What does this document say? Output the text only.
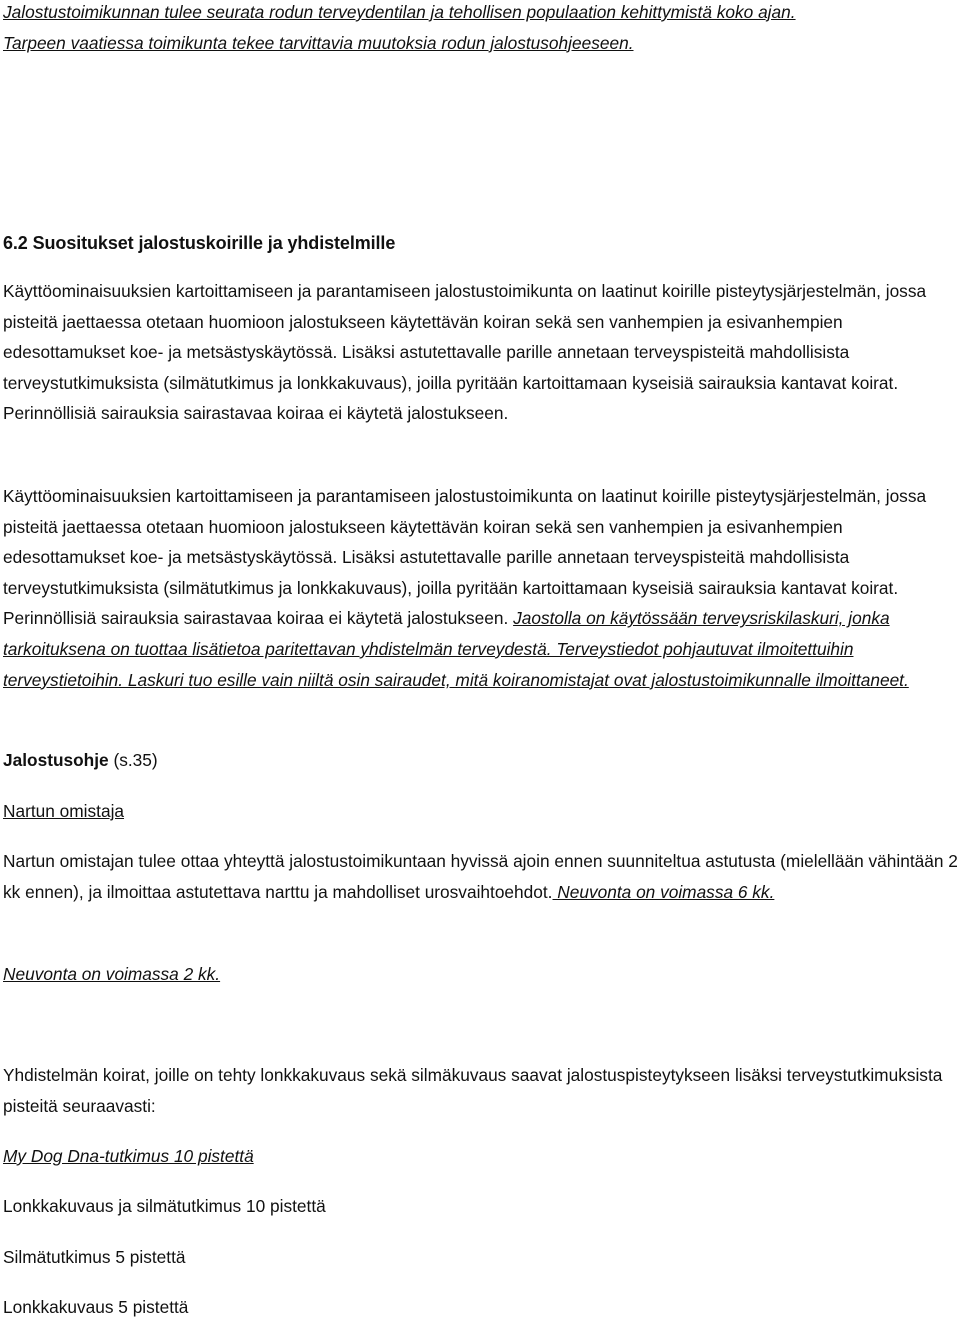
Jalostustoimikunnan tulee seurata rodun terveydentilan ja tehollisen populaation kehittymistä koko ajan.
Tarpeen vaatiessa toimikunta tekee tarvittavia muutoksia rodun jalostusohjeeseen.
6.2 Suositukset jalostuskoirille ja yhdistelmille

Käyttöominaisuuksien kartoittamiseen ja parantamiseen jalostustoimikunta on laatinut koirille pisteytysjärjestelmän, jossa pisteitä jaettaessa otetaan huomioon jalostukseen käytettävän koiran sekä sen vanhempien ja esivanhempien edesottamukset koe- ja metsästyskäytössä. Lisäksi astutettavalle parille annetaan terveyspisteitä mahdollisista terveystutkimuksista (silmätutkimus ja lonkkakuvaus), joilla pyritään kartoittamaan kyseisiä sairauksia kantavat koirat. Perinnöllisiä sairauksia sairastavaa koiraa ei käytetä jalostukseen.

Käyttöominaisuuksien kartoittamiseen ja parantamiseen jalostustoimikunta on laatinut koirille pisteytysjärjestelmän, jossa pisteitä jaettaessa otetaan huomioon jalostukseen käytettävän koiran sekä sen vanhempien ja esivanhempien edesottamukset koe- ja metsästyskäytössä. Lisäksi astutettavalle parille annetaan terveyspisteitä mahdollisista terveystutkimuksista (silmätutkimus ja lonkkakuvaus), joilla pyritään kartoittamaan kyseisiä sairauksia kantavat koirat. Perinnöllisiä sairauksia sairastavaa koiraa ei käytetä jalostukseen. Jaostolla on käytössään terveysriskilaskuri, jonka tarkoituksena on tuottaa lisätietoa paritettavan yhdistelmän terveydestä. Terveystiedot pohjautuvat ilmoitettuihin terveystietoihin. Laskuri tuo esille vain niiltä osin sairaudet, mitä koiranomistajat ovat jalostustoimikunnalle ilmoittaneet.

Jalostusohje (s.35)

Nartun omistaja

Nartun omistajan tulee ottaa yhteyttä jalostustoimikuntaan hyvissä ajoin ennen suunniteltua astutusta (mielellään vähintään 2 kk ennen), ja ilmoittaa astutettava narttu ja mahdolliset urosvaihtoehdot. Neuvonta on voimassa 6 kk.

Neuvonta on voimassa 2 kk.

Yhdistelmän koirat, joille on tehty lonkkakuvaus sekä silmäkuvaus saavat jalostuspisteytykseen lisäksi terveystutkimuksista pisteitä seuraavasti:

My Dog Dna-tutkimus 10 pistettä

Lonkkakuvaus ja silmätutkimus 10 pistettä

Silmätutkimus 5 pistettä

Lonkkakuvaus 5 pistettä
